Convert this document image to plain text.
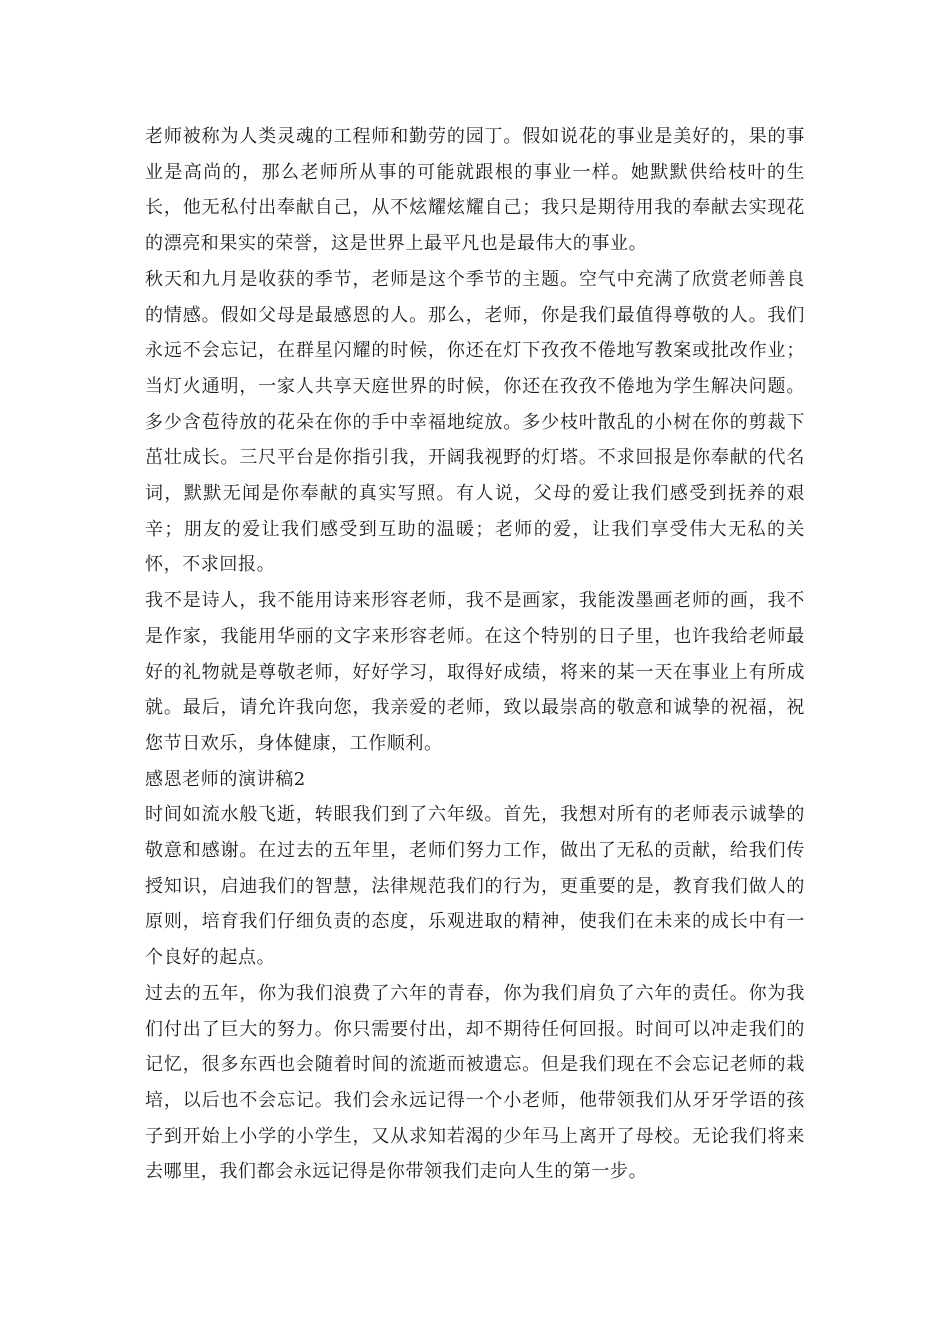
老师被称为人类灵魂的工程师和勤劳的园丁。假如说花的事业是美好的，果的事业是高尚的，那么老师所从事的可能就跟根的事业一样。她默默供给枝叶的生长，他无私付出奉献自己，从不炫耀炫耀自己；我只是期待用我的奉献去实现花的漂亮和果实的荣誉，这是世界上最平凡也是最伟大的事业。

秋天和九月是收获的季节，老师是这个季节的主题。空气中充满了欣赏老师善良的情感。假如父母是最感恩的人。那么，老师，你是我们最值得尊敬的人。我们永远不会忘记，在群星闪耀的时候，你还在灯下孜孜不倦地写教案或批改作业；当灯火通明，一家人共享天庭世界的时候，你还在孜孜不倦地为学生解决问题。多少含苞待放的花朵在你的手中幸福地绽放。多少枝叶散乱的小树在你的剪裁下茁壮成长。三尺平台是你指引我，开阔我视野的灯塔。不求回报是你奉献的代名词，默默无闻是你奉献的真实写照。有人说，父母的爱让我们感受到抚养的艰辛；朋友的爱让我们感受到互助的温暖；老师的爱，让我们享受伟大无私的关怀，不求回报。

我不是诗人，我不能用诗来形容老师，我不是画家，我能泼墨画老师的画，我不是作家，我能用华丽的文字来形容老师。在这个特别的日子里，也许我给老师最好的礼物就是尊敬老师，好好学习，取得好成绩，将来的某一天在事业上有所成就。最后，请允许我向您，我亲爱的老师，致以最崇高的敬意和诚挚的祝福，祝您节日欢乐，身体健康，工作顺利。

感恩老师的演讲稿2

时间如流水般飞逝，转眼我们到了六年级。首先，我想对所有的老师表示诚挚的敬意和感谢。在过去的五年里，老师们努力工作，做出了无私的贡献，给我们传授知识，启迪我们的智慧，法律规范我们的行为，更重要的是，教育我们做人的原则，培育我们仔细负责的态度，乐观进取的精神，使我们在未来的成长中有一个良好的起点。

过去的五年，你为我们浪费了六年的青春，你为我们肩负了六年的责任。你为我们付出了巨大的努力。你只需要付出，却不期待任何回报。时间可以冲走我们的记忆，很多东西也会随着时间的流逝而被遗忘。但是我们现在不会忘记老师的栽培，以后也不会忘记。我们会永远记得一个小老师，他带领我们从牙牙学语的孩子到开始上小学的小学生，又从求知若渴的少年马上离开了母校。无论我们将来去哪里，我们都会永远记得是你带领我们走向人生的第一步。
